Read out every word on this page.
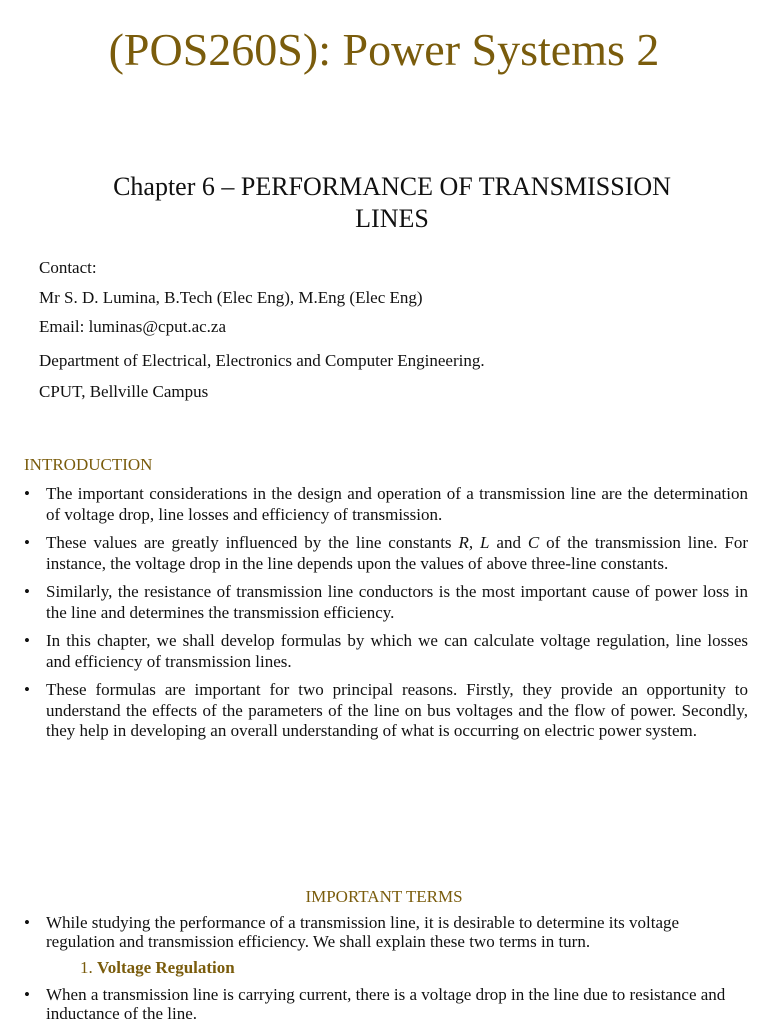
(POS260S): Power Systems 2
Chapter 6 – PERFORMANCE OF TRANSMISSION
LINES
Contact:
Mr S. D. Lumina, B.Tech (Elec Eng), M.Eng (Elec Eng)
Email: luminas@cput.ac.za
Department of Electrical, Electronics and Computer Engineering.
CPUT, Bellville Campus
INTRODUCTION
• The important considerations in the design and operation of a transmission line are the determination of voltage drop, line losses and efficiency of transmission.
• These values are greatly influenced by the line constants R, L and C of the transmission line. For instance, the voltage drop in the line depends upon the values of above three-line constants.
• Similarly, the resistance of transmission line conductors is the most important cause of power loss in the line and determines the transmission efficiency.
• In this chapter, we shall develop formulas by which we can calculate voltage regulation, line losses and efficiency of transmission lines.
• These formulas are important for two principal reasons. Firstly, they provide an opportunity to understand the effects of the parameters of the line on bus voltages and the flow of power. Secondly, they help in developing an overall understanding of what is occurring on electric power system.
IMPORTANT TERMS
• While studying the performance of a transmission line, it is desirable to determine its voltage regulation and transmission efficiency. We shall explain these two terms in turn.
1. Voltage Regulation
• When a transmission line is carrying current, there is a voltage drop in the line due to resistance and inductance of the line.
